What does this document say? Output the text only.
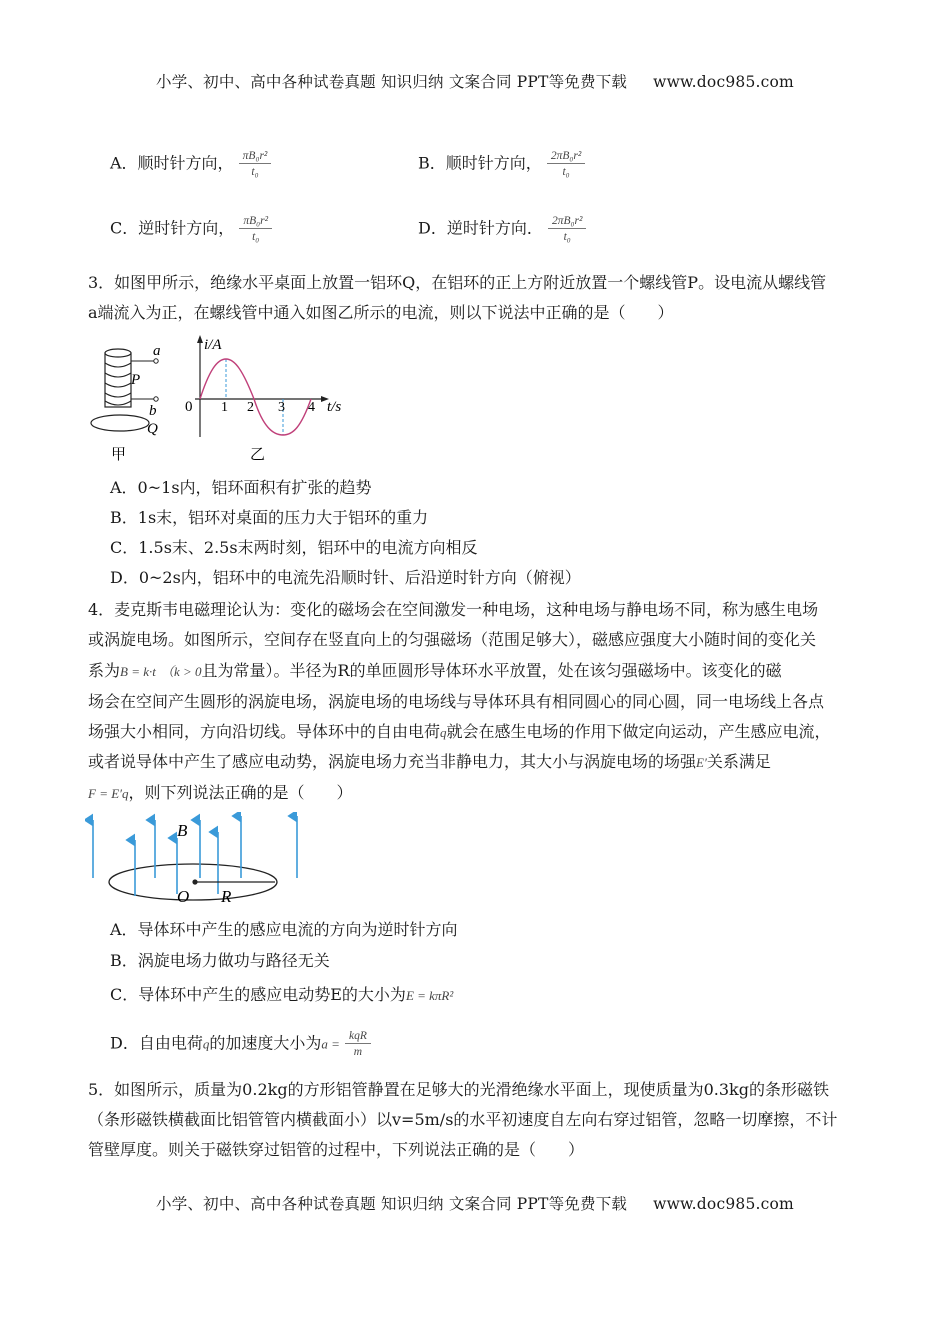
小学、初中、高中各种试卷真题 知识归纳 文案合同 PPT等免费下载 www.doc985.com
A．顺时针方向， $\frac{\text{πB₀r²}}{\text{t₀}}$	B．顺时针方向， $\frac{\text{2πB₀r²}}{\text{t₀}}$
C．逆时针方向， $\frac{\text{πB₀r²}}{\text{t₀}}$	D．逆时针方向． $\frac{\text{2πB₀r²}}{\text{t₀}}$
3．如图甲所示，绝缘水平桌面上放置一铝环Q，在铝环的正上方附近放置一个螺线管P。设电流从螺线管
a端流入为正，在螺线管中通入如图乙所示的电流，则以下说法中正确的是（　　）
a
P
b
Q
甲
i/A
0	t/s
1 2 3 4
乙
A．0~1s内，铝环面积有扩张的趋势
B．1s末，铝环对桌面的压力大于铝环的重力
C．1.5s末、2.5s末两时刻，铝环中的电流方向相反
D．0~2s内，铝环中的电流先沿顺时针、后沿逆时针方向（俯视）
4．麦克斯韦电磁理论认为：变化的磁场会在空间激发一种电场，这种电场与静电场不同，称为感生电场
或涡旋电场。如图所示，空间存在竖直向上的匀强磁场（范围足够大），磁感应强度大小随时间的变化关
系为B = k·t （k > 0且为常量）。半径为R的单匝圆形导体环水平放置，处在该匀强磁场中。该变化的磁
场会在空间产生圆形的涡旋电场，涡旋电场的电场线与导体环具有相同圆心的同心圆，同一电场线上各点
场强大小相同，方向沿切线。导体环中的自由电荷q就会在感生电场的作用下做定向运动，产生感应电流，
或者说导体中产生了感应电动势，涡旋电场力充当非静电力，其大小与涡旋电场的场强E′关系满足
F = E′q，则下列说法正确的是（　　）
B
O R
A．导体环中产生的感应电流的方向为逆时针方向
B．涡旋电场力做功与路径无关
C．导体环中产生的感应电动势E的大小为E = kπR²
D．自由电荷q的加速度大小为$a = \frac{\text{kqR}}{m}$
5．如图所示，质量为0.2kg的方形铝管静置在足够大的光滑绝缘水平面上，现使质量为0.3kg的条形磁铁
（条形磁铁横截面比铝管管内横截面小）以v=5m/s的水平初速度自左向右穿过铝管，忽略一切摩擦，不计
管壁厚度。则关于磁铁穿过铝管的过程中，下列说法正确的是（　　）
小学、初中、高中各种试卷真题 知识归纳 文案合同 PPT等免费下载 www.doc985.com
